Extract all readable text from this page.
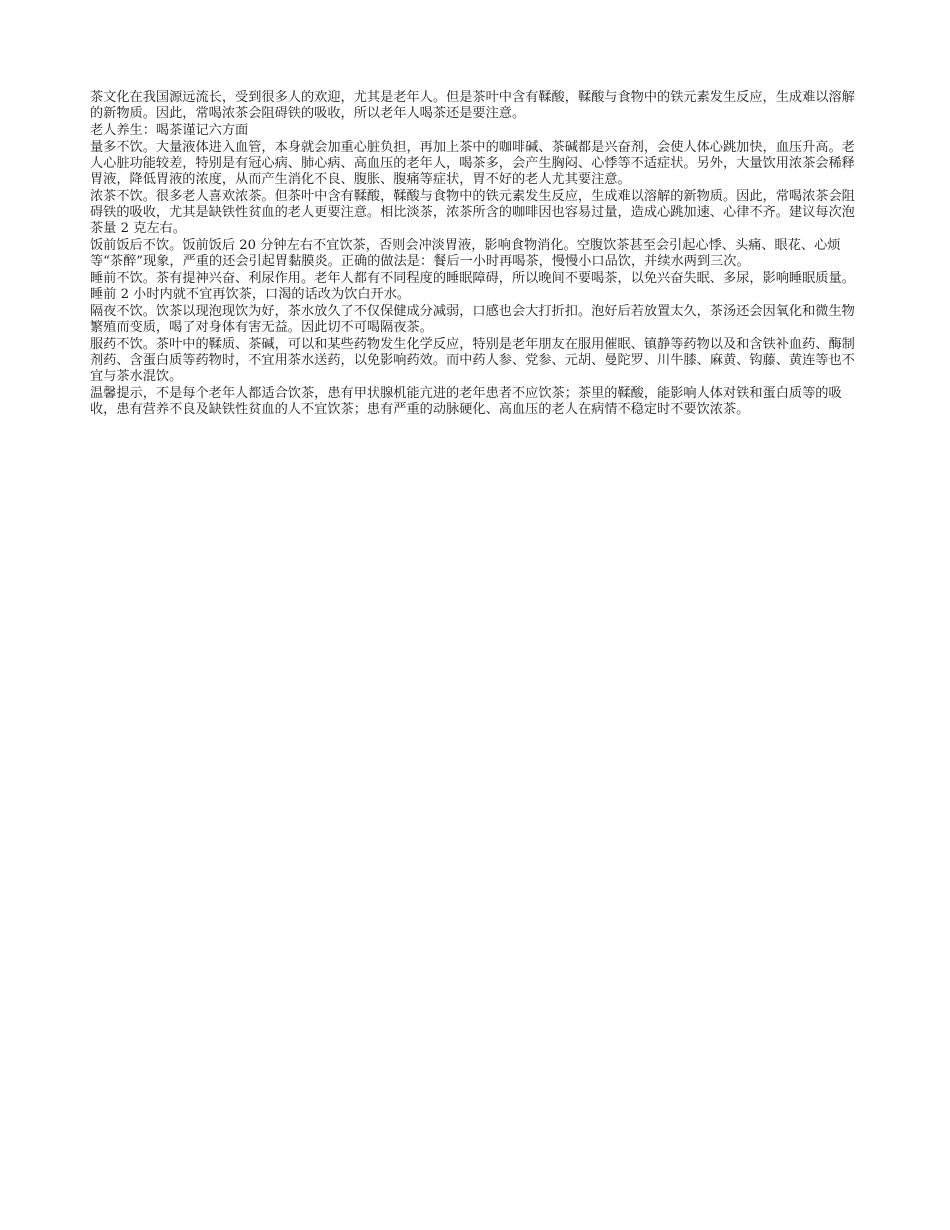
茶文化在我国源远流长，受到很多人的欢迎，尤其是老年人。但是茶叶中含有鞣酸，鞣酸与食物中的铁元素发生反应，生成难以溶解的新物质。因此，常喝浓茶会阻碍铁的吸收，所以老年人喝茶还是要注意。

老人养生：喝茶谨记六方面

量多不饮。大量液体进入血管，本身就会加重心脏负担，再加上茶中的咖啡碱、茶碱都是兴奋剂，会使人体心跳加快，血压升高。老人心脏功能较差，特别是有冠心病、肺心病、高血压的老年人，喝茶多，会产生胸闷、心悸等不适症状。另外，大量饮用浓茶会稀释胃液，降低胃液的浓度，从而产生消化不良、腹胀、腹痛等症状，胃不好的老人尤其要注意。

浓茶不饮。很多老人喜欢浓茶。但茶叶中含有鞣酸，鞣酸与食物中的铁元素发生反应，生成难以溶解的新物质。因此，常喝浓茶会阻碍铁的吸收，尤其是缺铁性贫血的老人更要注意。相比淡茶，浓茶所含的咖啡因也容易过量，造成心跳加速、心律不齐。建议每次泡茶量 2 克左右。

饭前饭后不饮。饭前饭后 20 分钟左右不宜饮茶，否则会冲淡胃液，影响食物消化。空腹饮茶甚至会引起心悸、头痛、眼花、心烦等“茶醉”现象，严重的还会引起胃黏膜炎。正确的做法是：餐后一小时再喝茶，慢慢小口品饮，并续水两到三次。

睡前不饮。茶有提神兴奋、利尿作用。老年人都有不同程度的睡眠障碍，所以晚间不要喝茶，以免兴奋失眠、多尿，影响睡眠质量。睡前 2 小时内就不宜再饮茶，口渴的话改为饮白开水。

隔夜不饮。饮茶以现泡现饮为好，茶水放久了不仅保健成分减弱，口感也会大打折扣。泡好后若放置太久，茶汤还会因氧化和微生物繁殖而变质，喝了对身体有害无益。因此切不可喝隔夜茶。

服药不饮。茶叶中的鞣质、茶碱，可以和某些药物发生化学反应，特别是老年朋友在服用催眠、镇静等药物以及和含铁补血药、酶制剂药、含蛋白质等药物时，不宜用茶水送药，以免影响药效。而中药人参、党参、元胡、曼陀罗、川牛膝、麻黄、钩藤、黄连等也不宜与茶水混饮。

温馨提示，不是每个老年人都适合饮茶，患有甲状腺机能亢进的老年患者不应饮茶；茶里的鞣酸，能影响人体对铁和蛋白质等的吸收，患有营养不良及缺铁性贫血的人不宜饮茶；患有严重的动脉硬化、高血压的老人在病情不稳定时不要饮浓茶。
